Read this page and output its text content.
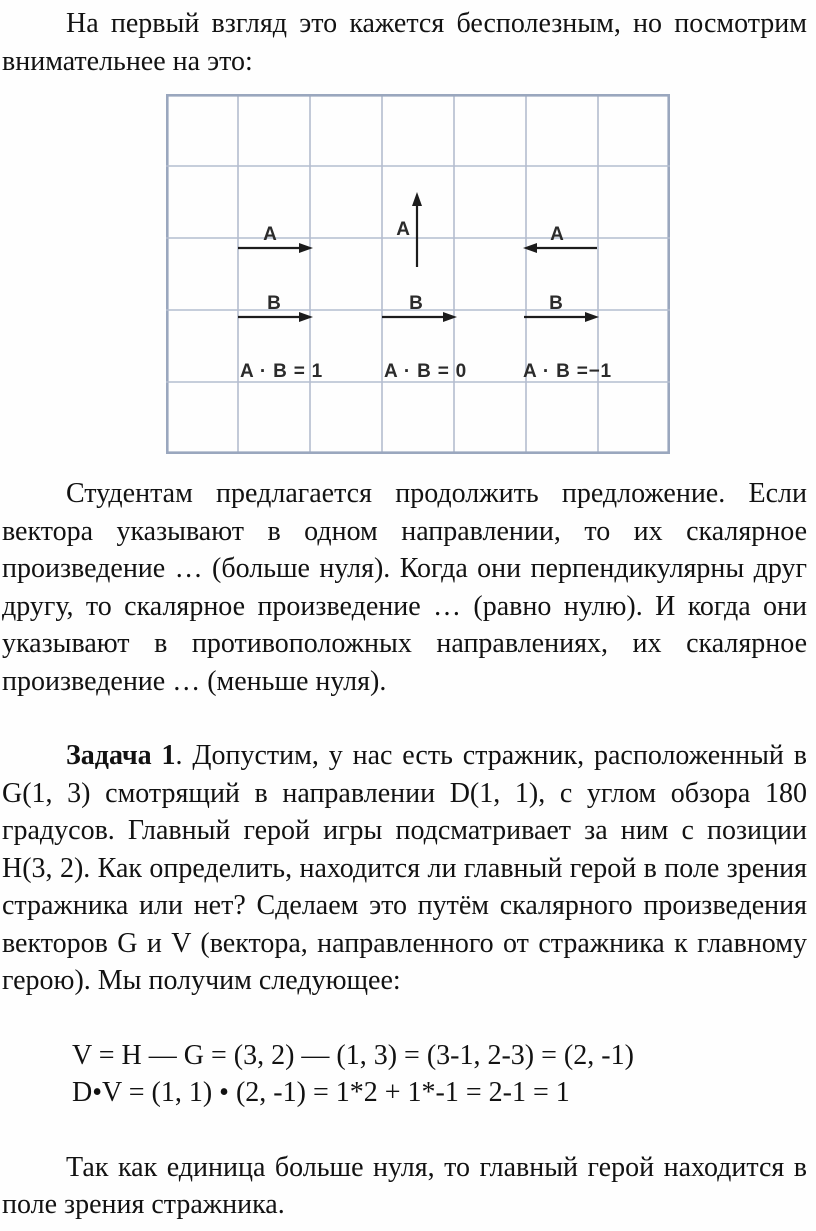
На первый взгляд это кажется бесполезным, но посмотрим внимательнее на это:

A
B
A · B = 1
A
B
A · B = 0
A
B
A · B =−1

Студентам предлагается продолжить предложение. Если вектора указывают в одном направлении, то их скалярное произведение … (больше нуля). Когда они перпендикулярны друг другу, то скалярное произведение … (равно нулю). И когда они указывают в противоположных направлениях, их скалярное произведение … (меньше нуля).

Задача 1. Допустим, у нас есть стражник, расположенный в G(1, 3) смотрящий в направлении D(1, 1), с углом обзора 180 градусов. Главный герой игры подсматривает за ним с позиции H(3, 2). Как определить, находится ли главный герой в поле зрения стражника или нет? Сделаем это путём скалярного произведения векторов G и V (вектора, направленного от стражника к главному герою). Мы получим следующее:

V = H — G = (3, 2) — (1, 3) = (3-1, 2-3) = (2, -1)
D•V = (1, 1) • (2, -1) = 1*2 + 1*-1 = 2-1 = 1

Так как единица больше нуля, то главный герой находится в поле зрения стражника.
